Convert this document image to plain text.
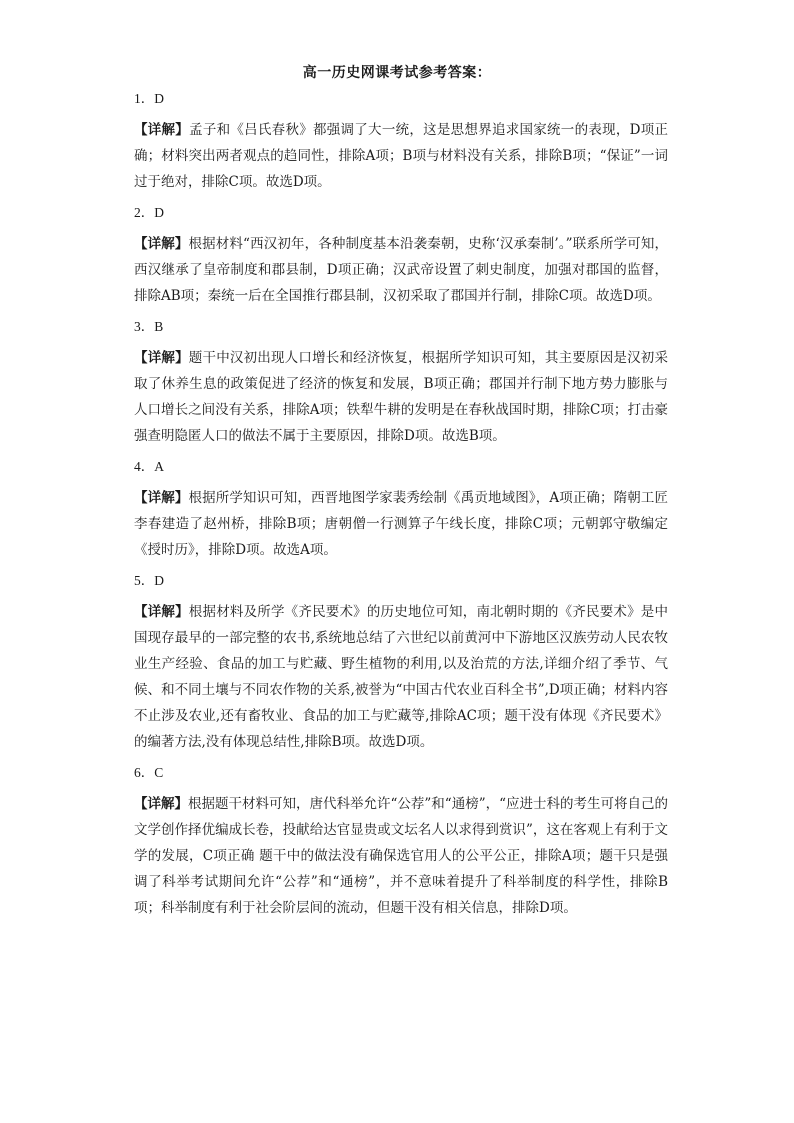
高一历史网课考试参考答案：
1．D
【详解】孟子和《吕氏春秋》都强调了大一统，这是思想界追求国家统一的表现，D项正确；材料突出两者观点的趋同性，排除A项；B项与材料没有关系，排除B项；“保证”一词过于绝对，排除C项。故选D项。
2．D
【详解】根据材料“西汉初年，各种制度基本沿袭秦朝，史称‘汉承秦制’。”联系所学可知，西汉继承了皇帝制度和郡县制，D项正确；汉武帝设置了刺史制度，加强对郡国的监督，排除AB项；秦统一后在全国推行郡县制，汉初采取了郡国并行制，排除C项。故选D项。
3．B
【详解】题干中汉初出现人口增长和经济恢复，根据所学知识可知，其主要原因是汉初采取了休养生息的政策促进了经济的恢复和发展，B项正确；郡国并行制下地方势力膨胀与人口增长之间没有关系，排除A项；铁犁牛耕的发明是在春秋战国时期，排除C项；打击豪强查明隐匿人口的做法不属于主要原因，排除D项。故选B项。
4．A
【详解】根据所学知识可知，西晋地图学家裴秀绘制《禹贡地域图》，A项正确；隋朝工匠李春建造了赵州桥，排除B项；唐朝僧一行测算子午线长度，排除C项；元朝郭守敬编定《授时历》，排除D项。故选A项。
5．D
【详解】根据材料及所学《齐民要术》的历史地位可知，南北朝时期的《齐民要术》是中国现存最早的一部完整的农书,系统地总结了六世纪以前黄河中下游地区汉族劳动人民农牧业生产经验、食品的加工与贮藏、野生植物的利用,以及治荒的方法,详细介绍了季节、气候、和不同土壤与不同农作物的关系,被誉为“中国古代农业百科全书”,D项正确；材料内容不止涉及农业,还有畜牧业、食品的加工与贮藏等,排除AC项；题干没有体现《齐民要术》的编著方法,没有体现总结性,排除B项。故选D项。
6．C
【详解】根据题干材料可知，唐代科举允许“公荐”和“通榜”，“应进士科的考生可将自己的文学创作择优编成长卷，投献给达官显贵或文坛名人以求得到赏识”，这在客观上有利于文学的发展，C项正确 题干中的做法没有确保选官用人的公平公正，排除A项；题干只是强调了科举考试期间允许“公荐”和“通榜”，并不意味着提升了科举制度的科学性，排除B项；科举制度有利于社会阶层间的流动，但题干没有相关信息，排除D项。
